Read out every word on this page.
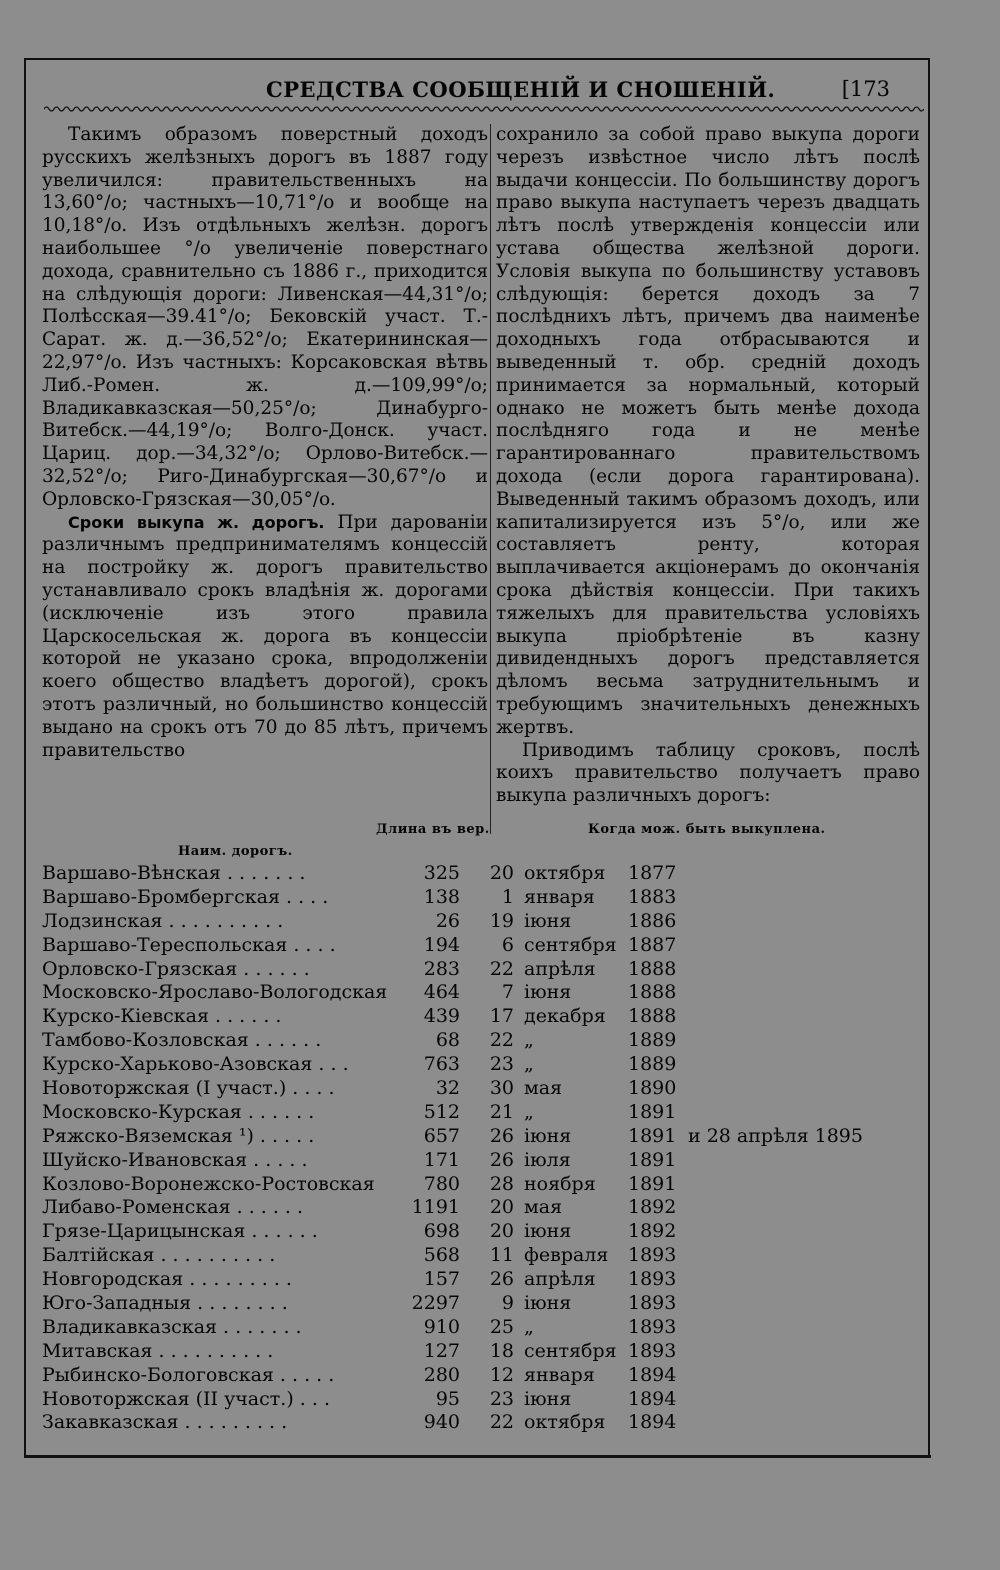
СРЕДСТВА СООБЩЕНІЙ И СНОШЕНІЙ.	[173

Такимъ образомъ поверстный доходъ русскихъ желѣзныхъ дорогъ въ 1887 году увеличился: правительственныхъ на 13,60°/o; частныхъ—10,71°/o и вообще на 10,18°/o. Изъ отдѣльныхъ желѣзн. дорогъ наибольшее °/o увеличеніе поверстнаго дохода, сравнительно съ 1886 г., приходится на слѣдующія дороги: Ливенская—44,31°/o; Полѣсская—39.41°/o; Бековскій участ. Т.-Сарат. ж. д.—36,52°/o; Екатерининская—22,97°/o. Изъ частныхъ: Корсаковская вѣтвь Либ.-Ромен. ж. д.—109,99°/o; Владикавказская—50,25°/o; Динабурго-Витебск.—44,19°/o; Волго-Донск. участ. Цариц. дор.—34,32°/o; Орлово-Витебск.—32,52°/o; Риго-Динабургская—30,67°/o и Орловско-Грязская—30,05°/o.

Сроки выкупа ж. дорогъ. При дарованіи различнымъ предпринимателямъ концессій на постройку ж. дорогъ правительство устанавливало срокъ владѣнія ж. дорогами (исключеніе изъ этого правила Царскосельская ж. дорога въ концессіи которой не указано срока, впродолженіи коего общество владѣетъ дорогой), срокъ этотъ различный, но большинство концессій выдано на срокъ отъ 70 до 85 лѣтъ, причемъ правительство

сохранило за собой право выкупа дороги черезъ извѣстное число лѣтъ послѣ выдачи концессіи. По большинству дорогъ право выкупа наступаетъ черезъ двадцать лѣтъ послѣ утвержденія концессіи или устава общества желѣзной дороги. Условія выкупа по большинству уставовъ слѣдующія: берется доходъ за 7 послѣднихъ лѣтъ, причемъ два наименѣе доходныхъ года отбрасываются и выведенный т. обр. средній доходъ принимается за нормальный, который однако не можетъ быть менѣе дохода послѣдняго года и не менѣе гарантированнаго правительствомъ дохода (если дорога гарантирована). Выведенный такимъ образомъ доходъ, или капитализируется изъ 5°/o, или же составляетъ ренту, которая выплачивается акціонерамъ до окончанія срока дѣйствія концессіи. При такихъ тяжелыхъ для правительства условіяхъ выкупа пріобрѣтеніе въ казну дивидендныхъ дорогъ представляется дѣломъ весьма затруднительнымъ и требующимъ значительныхъ денежныхъ жертвъ.

Приводимъ таблицу сроковъ, послѣ коихъ правительство получаетъ право выкупа различныхъ дорогъ:

Длина въ вер.	Когда мож. быть выкуплена.
Наим. дорогъ.
Варшаво-Вѣнская . . . . . . .	325	20 октября	1877
Варшаво-Бромбергская . . . .	138	1 января	1883
Лодзинская . . . . . . . . . .	26	19 іюня	1886
Варшаво-Тереспольская . . . .	194	6 сентября 1887
Орловско-Грязская . . . . . .	283	22 апрѣля	1888
Московско-Ярославо-Вологодская	464	7 іюня	1888
Курско-Кіевская . . . . . .	439	17 декабря	1888
Тамбово-Козловская . . . . . .	68	22 „	1889
Курско-Харьково-Азовская . . .	763	23 „	1889
Новоторжская (I участ.) . . . .	32	30 мая	1890
Московско-Курская . . . . . .	512	21 „	1891
Ряжско-Вяземская ¹) . . . . .	657	26 іюня	1891 и 28 апрѣля 1895
Шуйско-Ивановская . . . . .	171	26 іюля	1891
Козлово-Воронежско-Ростовская	780	28 ноября	1891
Либаво-Роменская . . . . . .	1191	20 мая	1892
Грязе-Царицынская . . . . . .	698	20 іюня	1892
Балтійская . . . . . . . . . .	568	11 февраля	1893
Новгородская . . . . . . . . .	157	26 апрѣля	1893
Юго-Западныя . . . . . . . .	2297	9 іюня	1893
Владикавказская . . . . . . .	910	25 „	1893
Митавская . . . . . . . . . .	127	18 сентября 1893
Рыбинско-Бологовская . . . . .	280	12 января	1894
Новоторжская (II участ.) . . .	95	23 іюня	1894
Закавказская . . . . . . . . .	940	22 октября	1894
